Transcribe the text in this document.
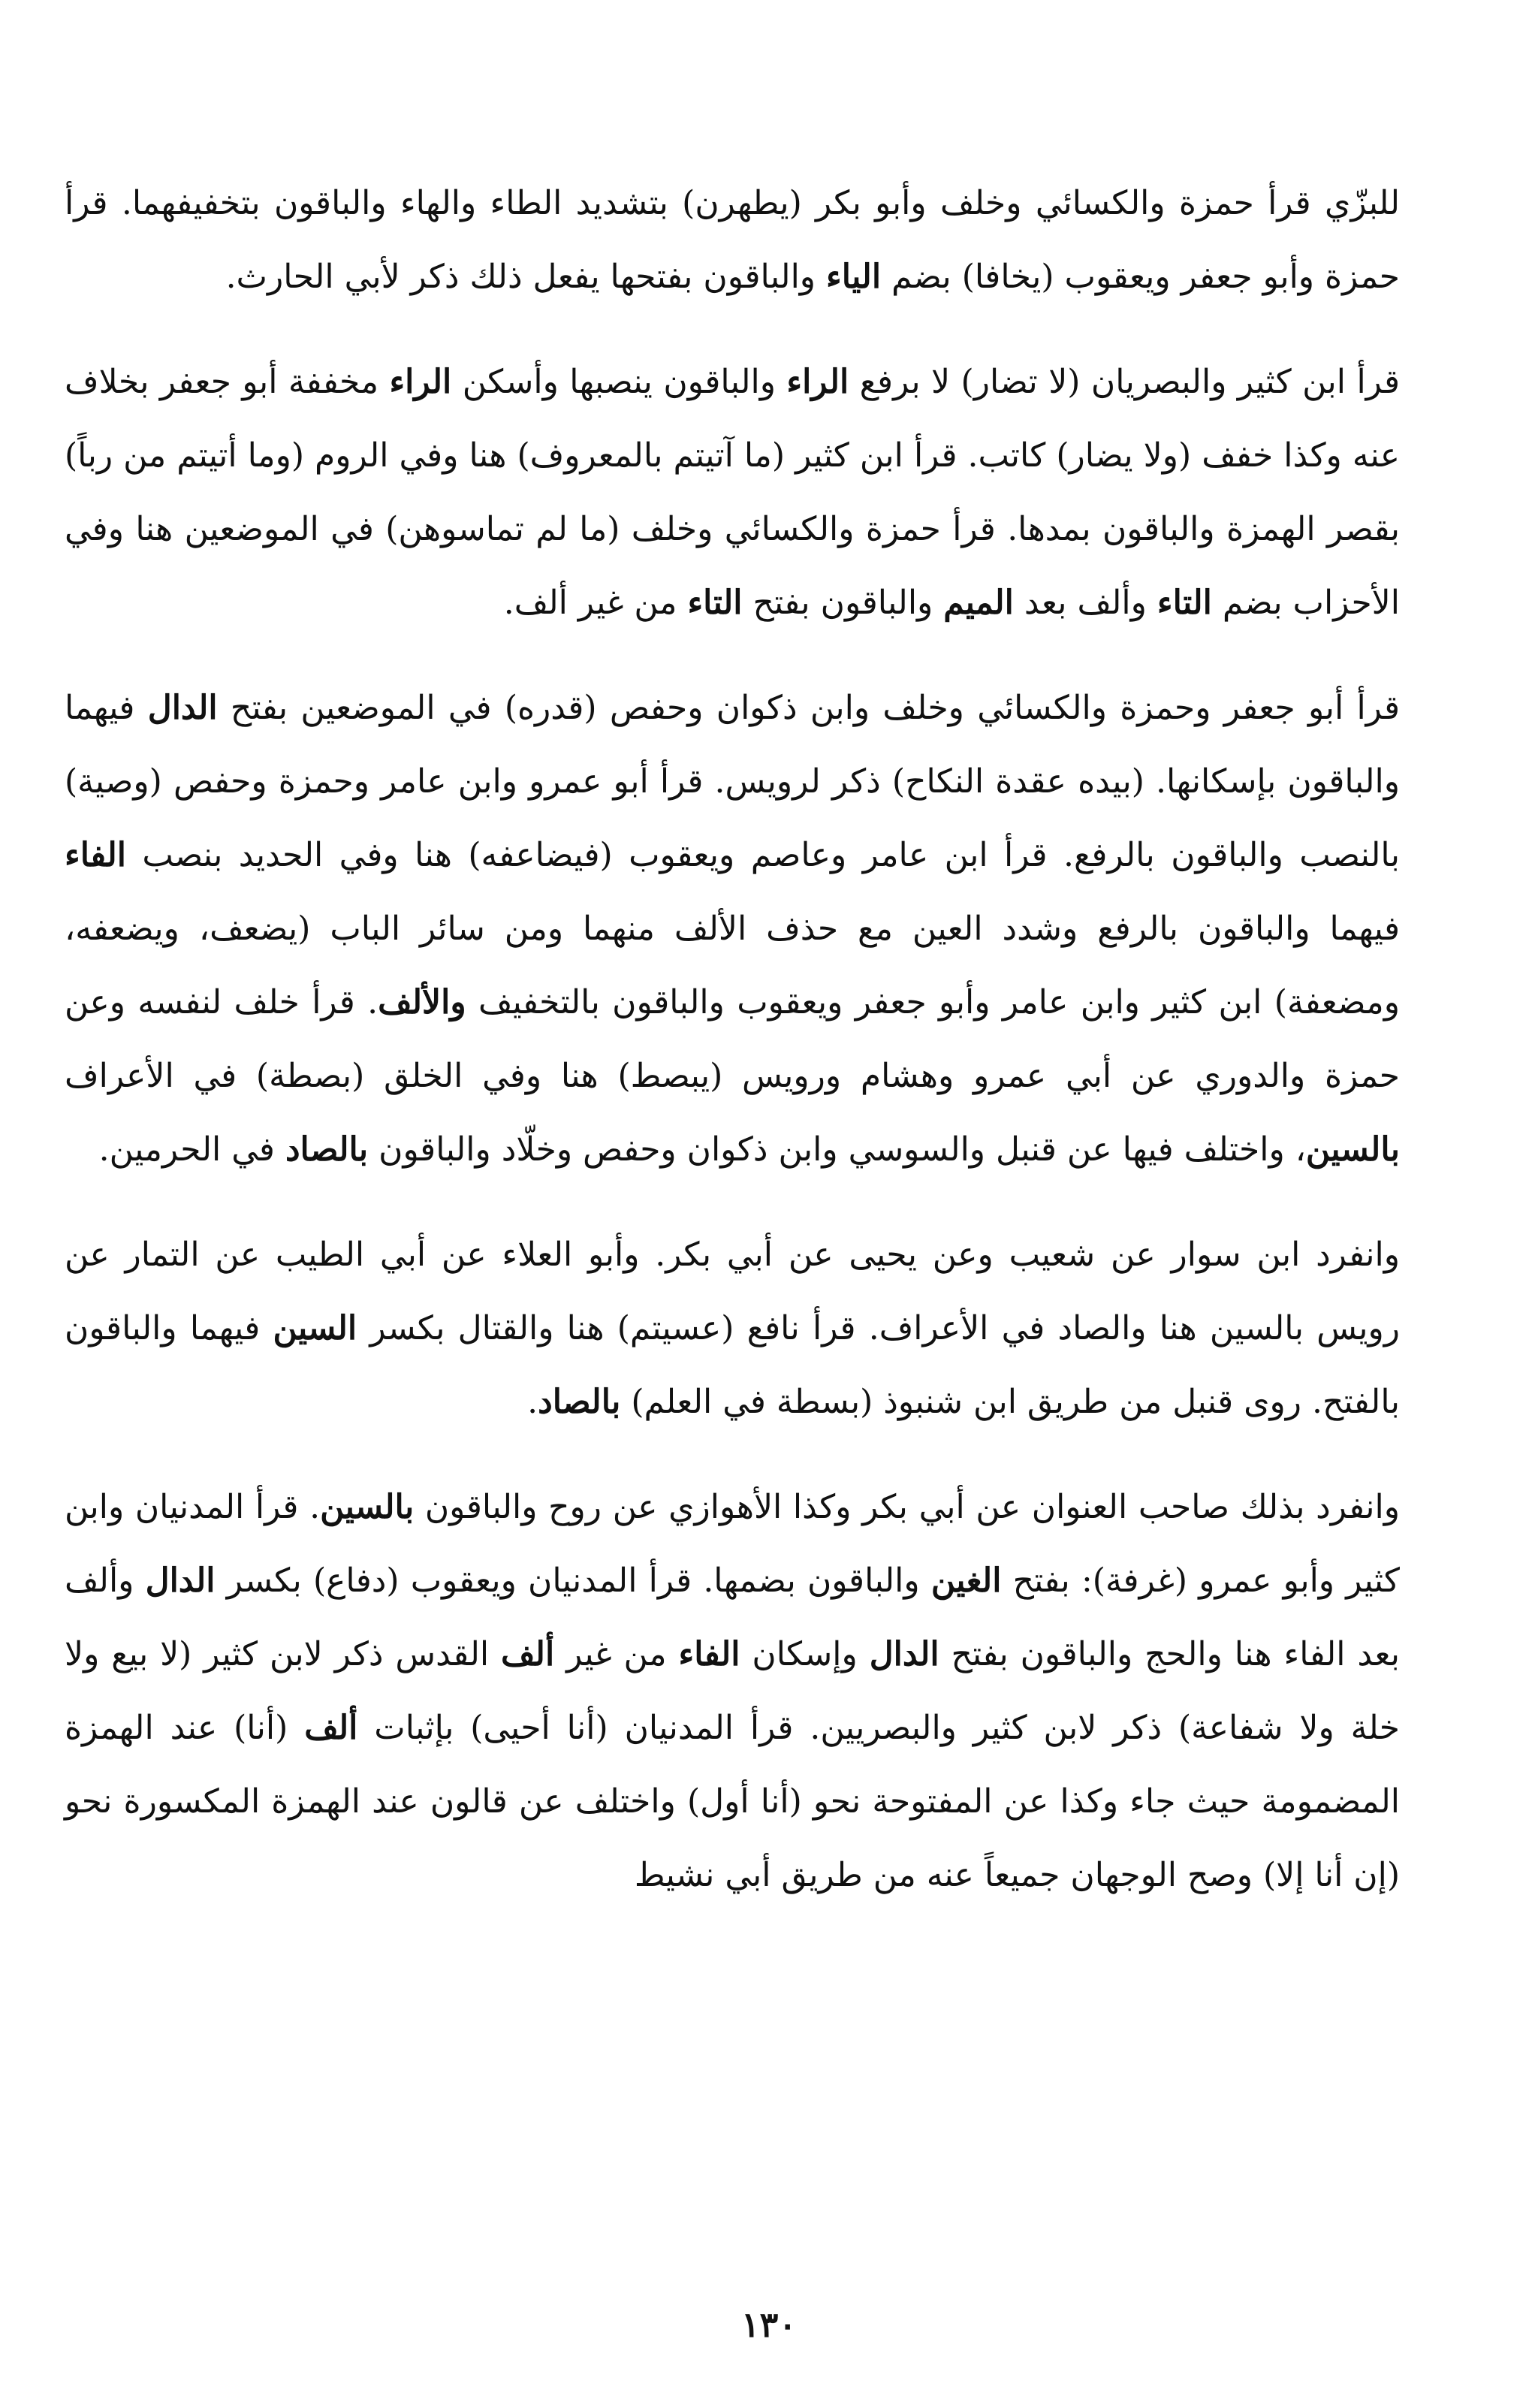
للبزّي قرأ حمزة والكسائي وخلف وأبو بكر (يطهرن) بتشديد الطاء والهاء والباقون بتخفيفهما. قرأ حمزة وأبو جعفر ويعقوب (يخافا) بضم الياء والباقون بفتحها يفعل ذلك ذكر لأبي الحارث.

قرأ ابن كثير والبصريان (لا تضار) لا برفع الراء والباقون ينصبها وأسكن الراء مخففة أبو جعفر بخلاف عنه وكذا خفف (ولا يضار) كاتب. قرأ ابن كثير (ما آتيتم بالمعروف) هنا وفي الروم (وما أتيتم من رباً) بقصر الهمزة والباقون بمدها. قرأ حمزة والكسائي وخلف (ما لم تماسوهن) في الموضعين هنا وفي الأحزاب بضم التاء وألف بعد الميم والباقون بفتح التاء من غير ألف.

قرأ أبو جعفر وحمزة والكسائي وخلف وابن ذكوان وحفص (قدره) في الموضعين بفتح الدال فيهما والباقون بإسكانها. (بيده عقدة النكاح) ذكر لرويس. قرأ أبو عمرو وابن عامر وحمزة وحفص (وصية) بالنصب والباقون بالرفع. قرأ ابن عامر وعاصم ويعقوب (فيضاعفه) هنا وفي الحديد بنصب الفاء فيهما والباقون بالرفع وشدد العين مع حذف الألف منهما ومن سائر الباب (يضعف، ويضعفه، ومضعفة) ابن كثير وابن عامر وأبو جعفر ويعقوب والباقون بالتخفيف والألف. قرأ خلف لنفسه وعن حمزة والدوري عن أبي عمرو وهشام ورويس (يبصط) هنا وفي الخلق (بصطة) في الأعراف بالسين، واختلف فيها عن قنبل والسوسي وابن ذكوان وحفص وخلّاد والباقون بالصاد في الحرمين.

وانفرد ابن سوار عن شعيب وعن يحيى عن أبي بكر. وأبو العلاء عن أبي الطيب عن التمار عن رويس بالسين هنا والصاد في الأعراف. قرأ نافع (عسيتم) هنا والقتال بكسر السين فيهما والباقون بالفتح. روى قنبل من طريق ابن شنبوذ (بسطة في العلم) بالصاد.

وانفرد بذلك صاحب العنوان عن أبي بكر وكذا الأهوازي عن روح والباقون بالسين. قرأ المدنيان وابن كثير وأبو عمرو (غرفة): بفتح الغين والباقون بضمها. قرأ المدنيان ويعقوب (دفاع) بكسر الدال وألف بعد الفاء هنا والحج والباقون بفتح الدال وإسكان الفاء من غير ألف القدس ذكر لابن كثير (لا بيع ولا خلة ولا شفاعة) ذكر لابن كثير والبصريين. قرأ المدنيان (أنا أحيى) بإثبات ألف (أنا) عند الهمزة المضمومة حيث جاء وكذا عن المفتوحة نحو (أنا أول) واختلف عن قالون عند الهمزة المكسورة نحو (إن أنا إلا) وصح الوجهان جميعاً عنه من طريق أبي نشيط

١٣٠
